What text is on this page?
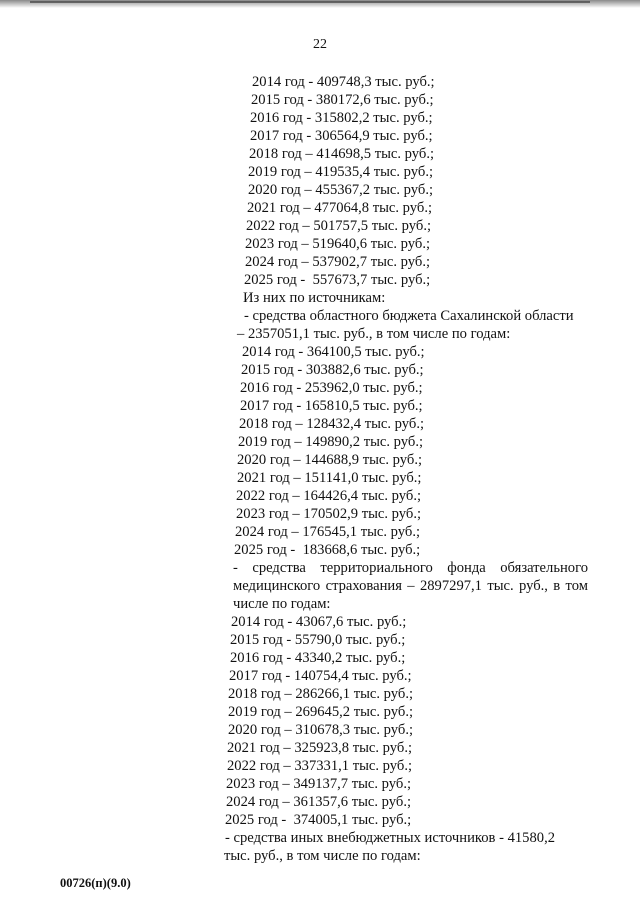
22
2014 год - 409748,3 тыс. руб.;
2015 год - 380172,6 тыс. руб.;
2016 год - 315802,2 тыс. руб.;
2017 год - 306564,9 тыс. руб.;
2018 год – 414698,5 тыс. руб.;
2019 год – 419535,4 тыс. руб.;
2020 год – 455367,2 тыс. руб.;
2021 год – 477064,8 тыс. руб.;
2022 год – 501757,5 тыс. руб.;
2023 год – 519640,6 тыс. руб.;
2024 год – 537902,7 тыс. руб.;
2025 год -  557673,7 тыс. руб.;
Из них по источникам:
- средства областного бюджета Сахалинской области
– 2357051,1 тыс. руб., в том числе по годам:
2014 год - 364100,5 тыс. руб.;
2015 год - 303882,6 тыс. руб.;
2016 год - 253962,0 тыс. руб.;
2017 год - 165810,5 тыс. руб.;
2018 год – 128432,4 тыс. руб.;
2019 год – 149890,2 тыс. руб.;
2020 год – 144688,9 тыс. руб.;
2021 год – 151141,0 тыс. руб.;
2022 год – 164426,4 тыс. руб.;
2023 год – 170502,9 тыс. руб.;
2024 год – 176545,1 тыс. руб.;
2025 год -  183668,6 тыс. руб.;
- средства территориального фонда обязательного медицинского страхования – 2897297,1 тыс. руб., в том числе по годам:
2014 год - 43067,6 тыс. руб.;
2015 год - 55790,0 тыс. руб.;
2016 год - 43340,2 тыс. руб.;
2017 год - 140754,4 тыс. руб.;
2018 год – 286266,1 тыс. руб.;
2019 год – 269645,2 тыс. руб.;
2020 год – 310678,3 тыс. руб.;
2021 год – 325923,8 тыс. руб.;
2022 год – 337331,1 тыс. руб.;
2023 год – 349137,7 тыс. руб.;
2024 год – 361357,6 тыс. руб.;
2025 год -  374005,1 тыс. руб.;
- средства иных внебюджетных источников - 41580,2
тыс. руб., в том числе по годам:
00726(п)(9.0)
